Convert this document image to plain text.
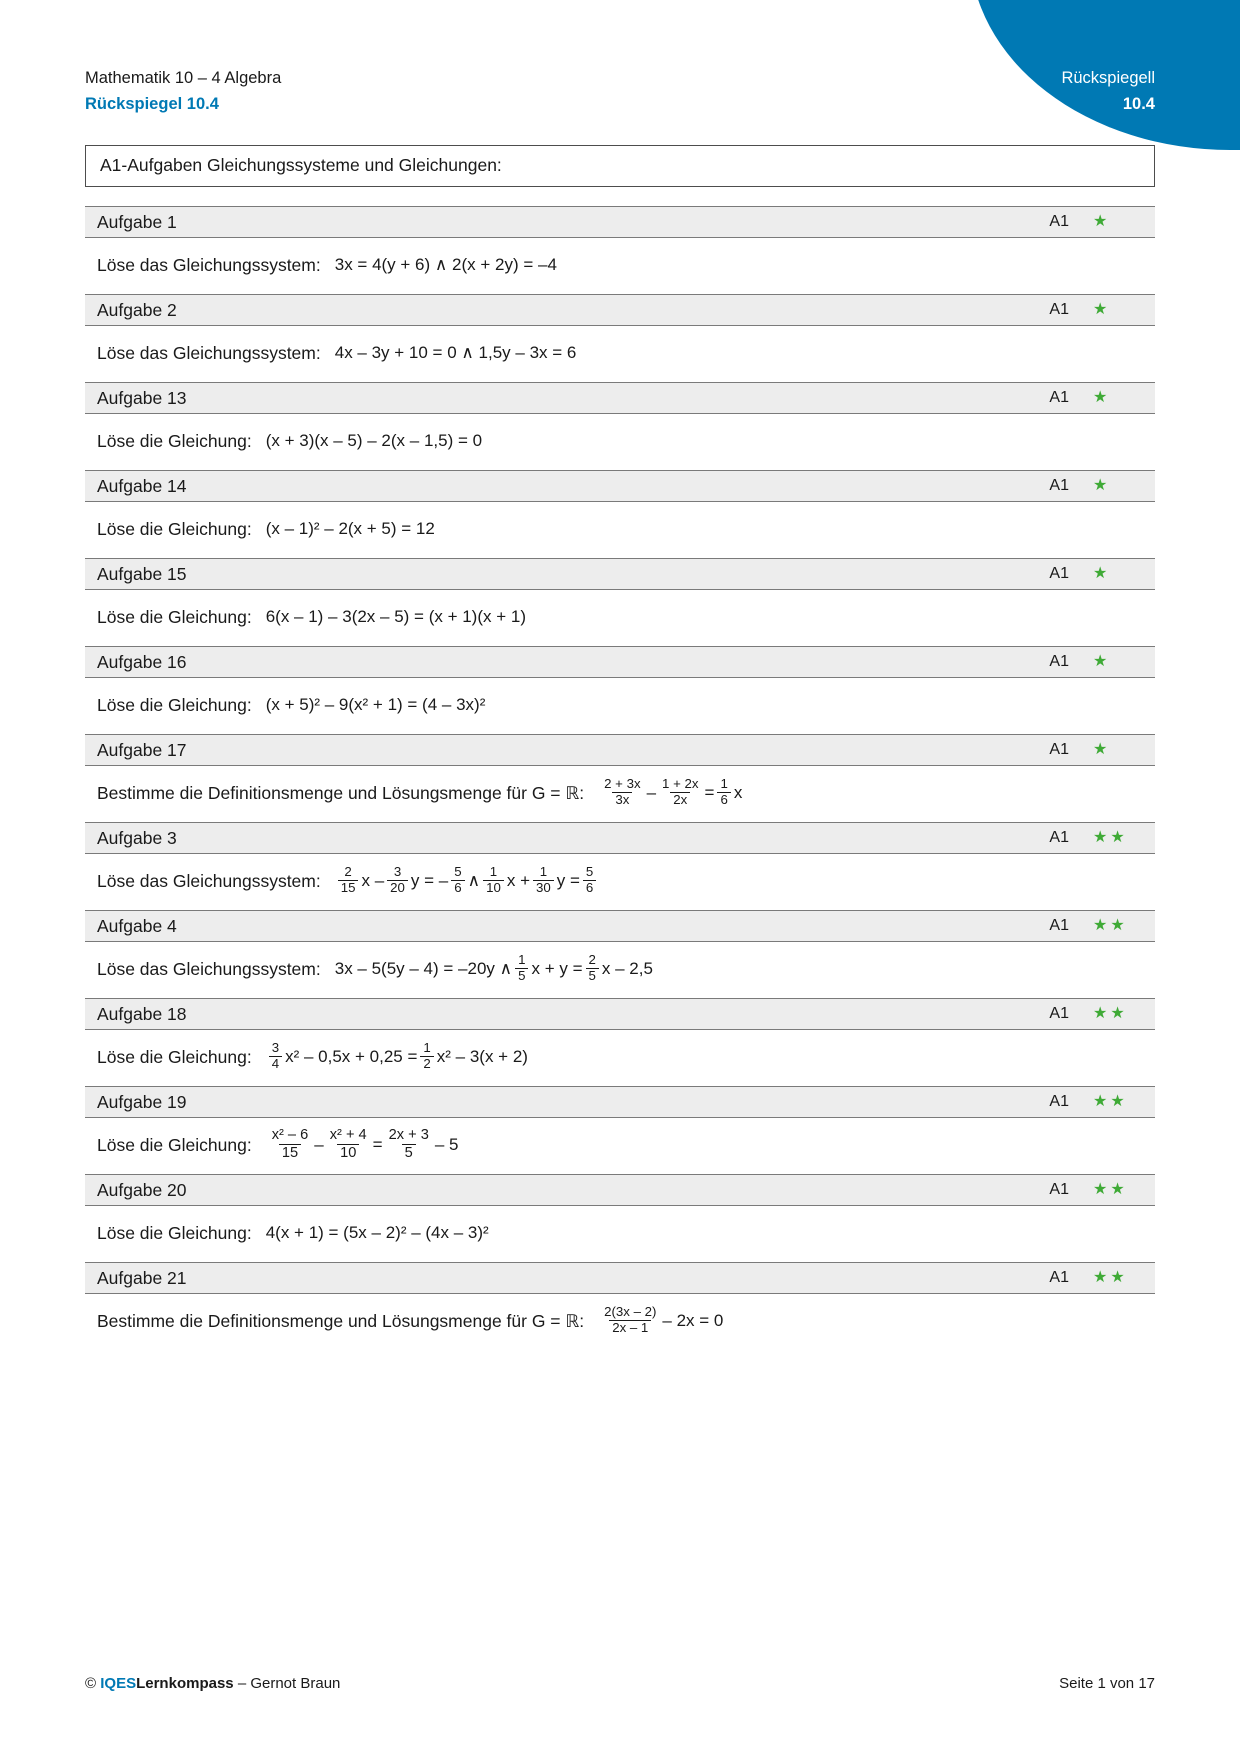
Mathematik 10 – 4 Algebra
Rückspiegel 10.4
Rückspiegell
10.4
A1-Aufgaben Gleichungssysteme und Gleichungen:
Aufgabe 1	A1 ★
Löse das Gleichungssystem: 3x = 4(y + 6) ∧ 2(x + 2y) = –4
Aufgabe 2	A1 ★
Löse das Gleichungssystem: 4x – 3y + 10 = 0 ∧ 1,5y – 3x = 6
Aufgabe 13	A1 ★
Löse die Gleichung: (x + 3)(x – 5) – 2(x – 1,5) = 0
Aufgabe 14	A1 ★
Löse die Gleichung: (x – 1)² – 2(x + 5) = 12
Aufgabe 15	A1 ★
Löse die Gleichung: 6(x – 1) – 3(2x – 5) = (x + 1)(x + 1)
Aufgabe 16	A1 ★
Löse die Gleichung: (x + 5)² – 9(x² + 1) = (4 – 3x)²
Aufgabe 17	A1 ★
Bestimme die Definitionsmenge und Lösungsmenge für G = ℝ: $\frac{2 + 3x}{3x} - \frac{1 + 2x}{2x} = \frac{1}{6}$ x
Aufgabe 3	A1 ★★
Löse das Gleichungssystem: $\frac{2}{15}$ x – $\frac{3}{20}$ y = – $\frac{5}{6}$ ∧ $\frac{1}{10}$ $x + \frac{1}{30}$ $y = \frac{5}{6}$
Aufgabe 4	A1 ★★
Löse das Gleichungssystem: 3x – 5(5y – 4) = –20y ∧ $\frac{1}{5}$ $x + y = \frac{2}{5}$ x – 2,5
Aufgabe 18	A1 ★★
Löse die Gleichung: $\frac{3}{4} x^2 - 0,5x + 0,25 = \frac{1}{2} x^2 - 3(x + 2)$
Aufgabe 19	A1 ★★
Löse die Gleichung: $\frac{\text{x² – 6}}{15} - \frac{\text{x² + 4}}{10} = \frac{2x + 3}{5} - 5$
Aufgabe 20	A1 ★★
Löse die Gleichung: 4(x + 1) = (5x – 2)² – (4x – 3)²
Aufgabe 21	A1 ★★
Bestimme die Definitionsmenge und Lösungsmenge für G = ℝ: $\frac{2(3x - 2)}{2x - 1} - 2x = 0$
© IQESLernkompass – Gernot Braun	Seite 1 von 17
